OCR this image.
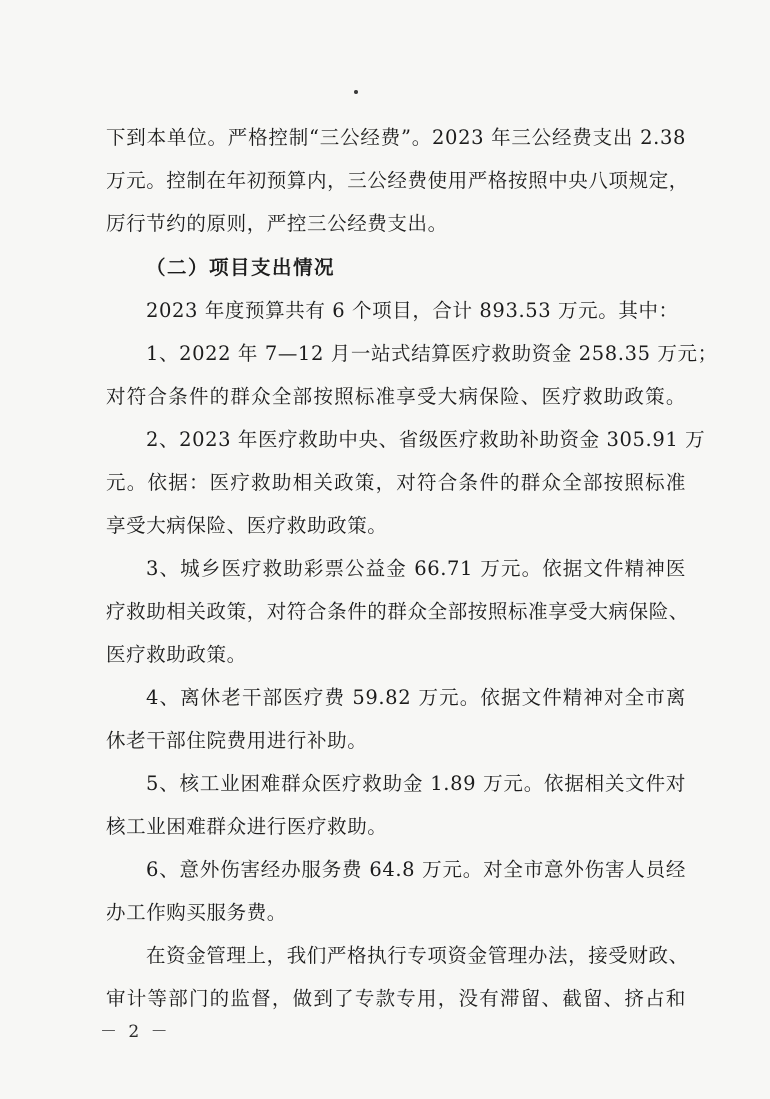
下到本单位。严格控制“三公经费”。2023 年三公经费支出 2.38
万元。控制在年初预算内，三公经费使用严格按照中央八项规定，
厉行节约的原则，严控三公经费支出。
（二）项目支出情况
2023 年度预算共有 6 个项目，合计 893.53 万元。其中：
1、2022 年 7—12 月一站式结算医疗救助资金 258.35 万元；
对符合条件的群众全部按照标准享受大病保险、医疗救助政策。
2、2023 年医疗救助中央、省级医疗救助补助资金 305.91 万
元。依据：医疗救助相关政策，对符合条件的群众全部按照标准
享受大病保险、医疗救助政策。
3、城乡医疗救助彩票公益金 66.71 万元。依据文件精神医
疗救助相关政策，对符合条件的群众全部按照标准享受大病保险、
医疗救助政策。
4、离休老干部医疗费 59.82 万元。依据文件精神对全市离
休老干部住院费用进行补助。
5、核工业困难群众医疗救助金 1.89 万元。依据相关文件对
核工业困难群众进行医疗救助。
6、意外伤害经办服务费 64.8 万元。对全市意外伤害人员经
办工作购买服务费。
在资金管理上，我们严格执行专项资金管理办法，接受财政、
审计等部门的监督，做到了专款专用，没有滞留、截留、挤占和
－ 2 －
